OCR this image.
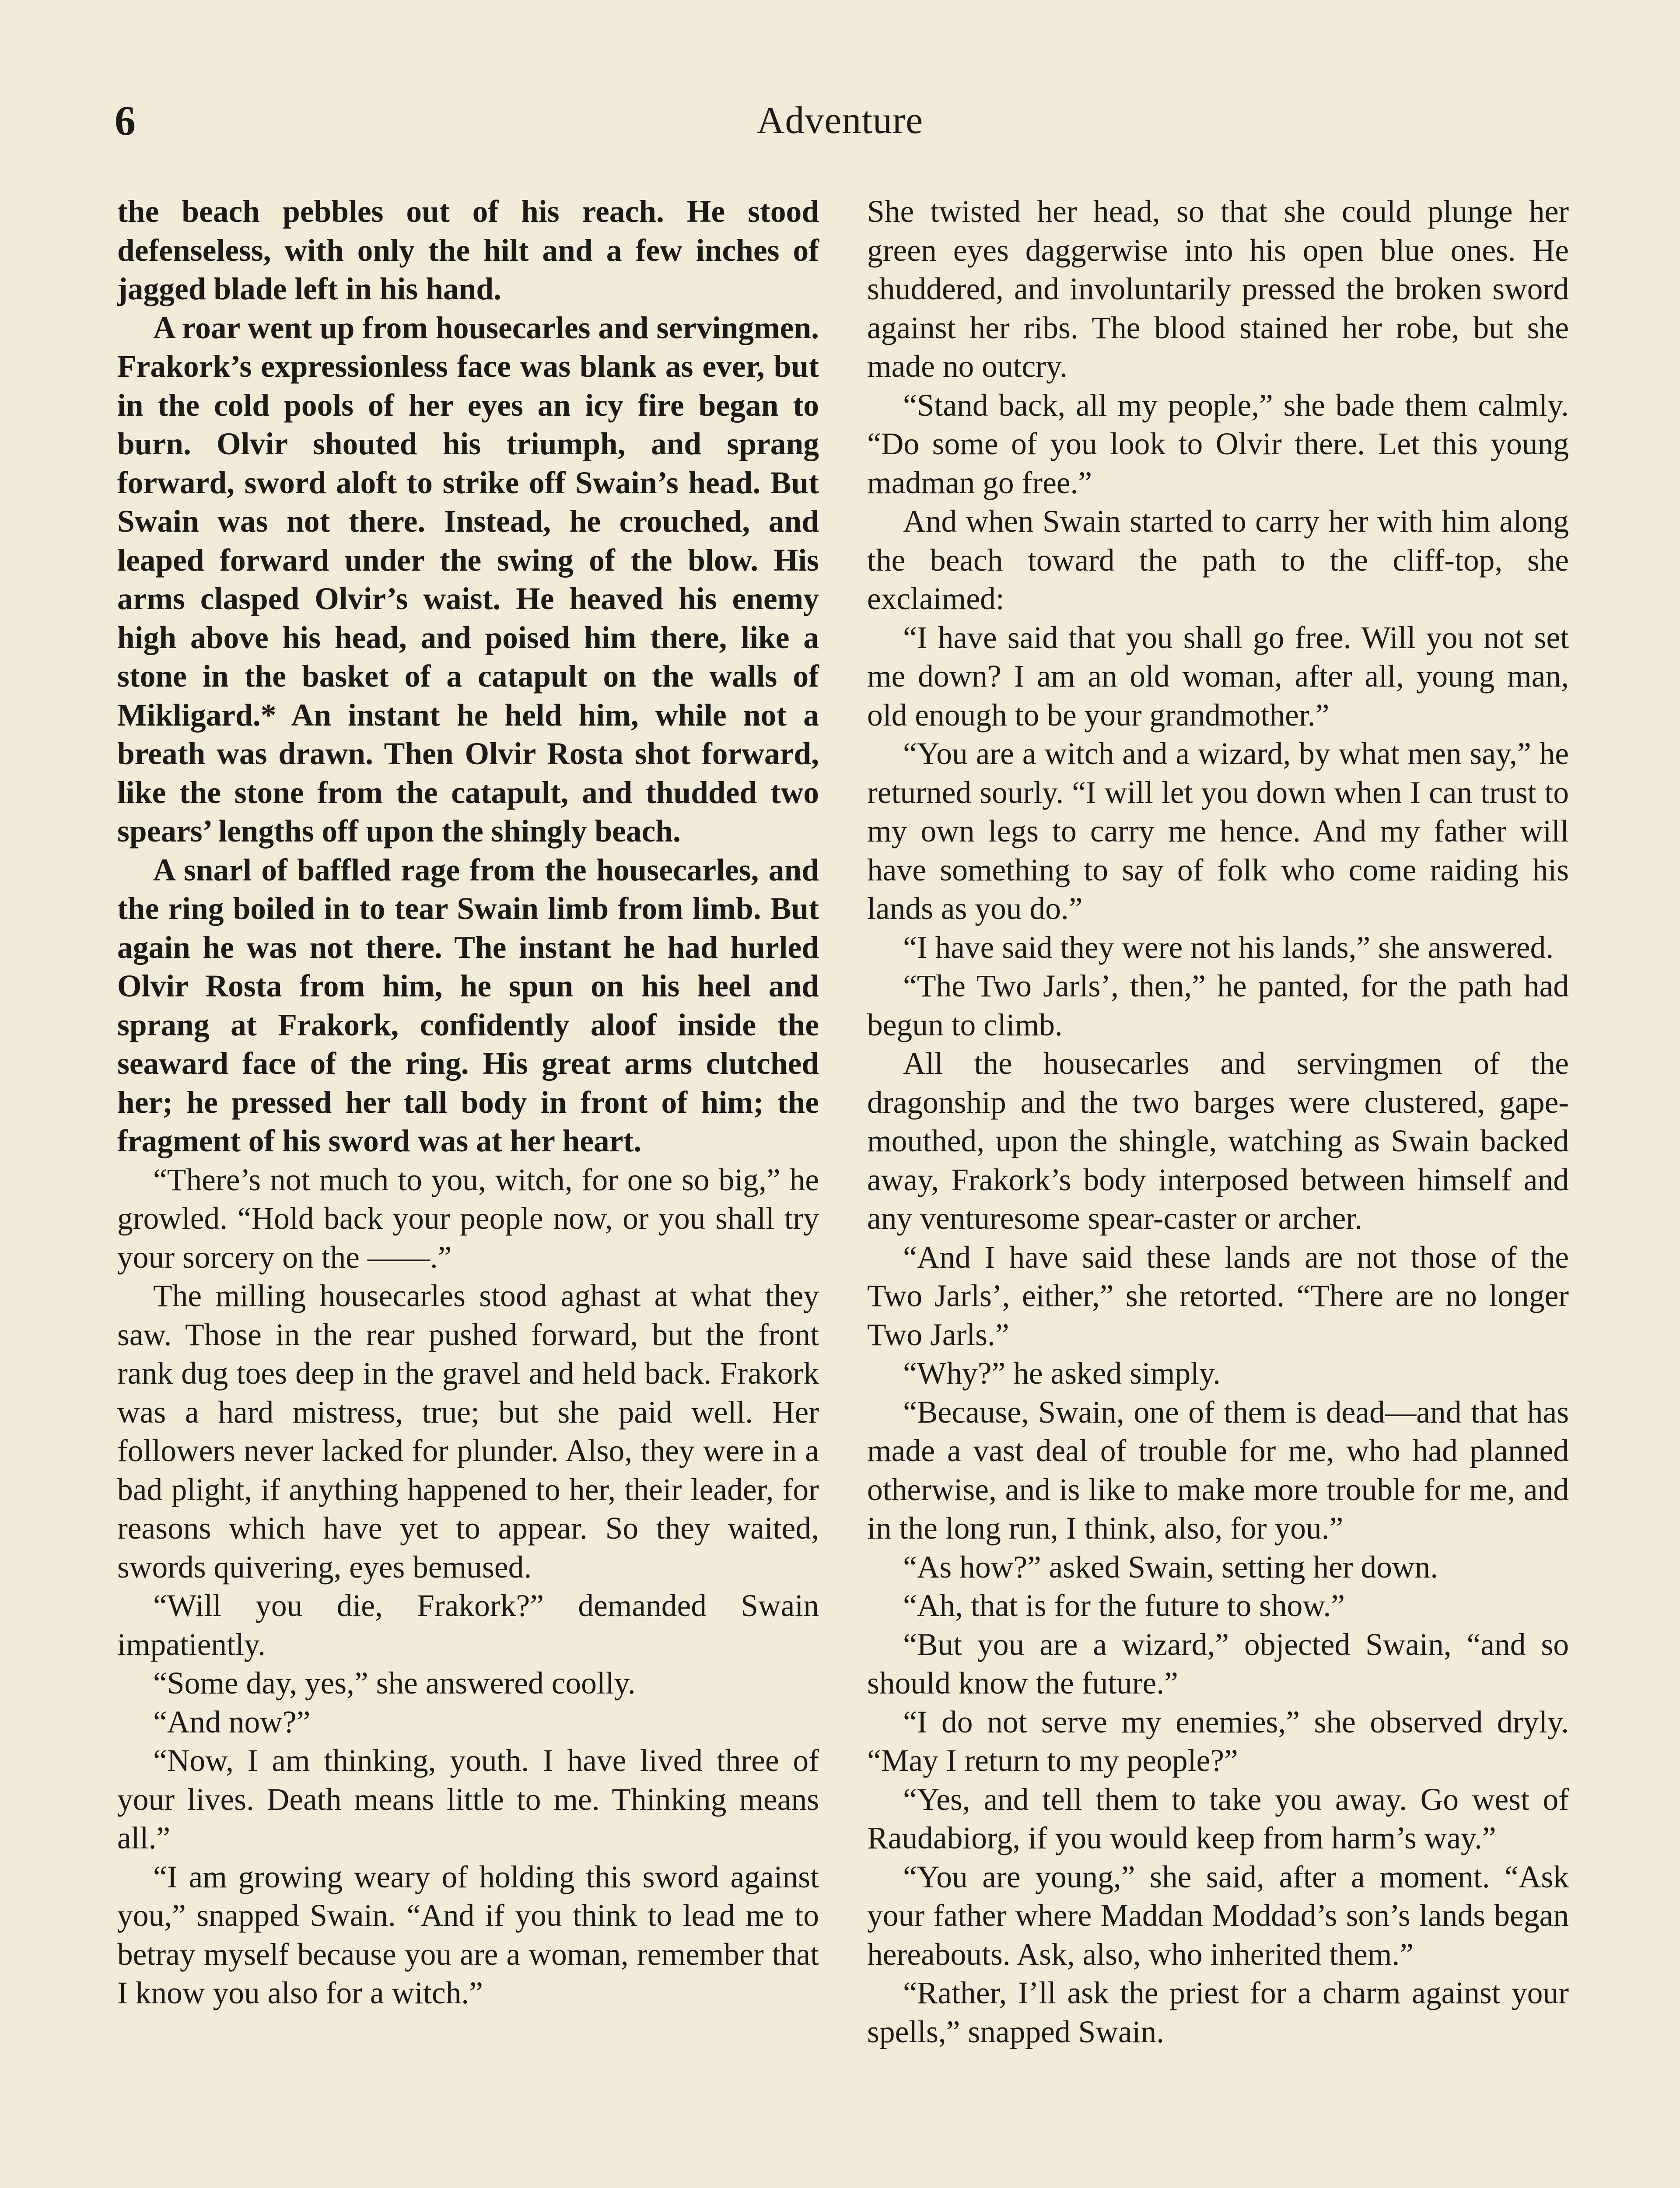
6	Adventure

the beach pebbles out of his reach. He stood defenseless, with only the hilt and a few inches of jagged blade left in his hand.

A roar went up from housecarles and servingmen. Frakork’s expressionless face was blank as ever, but in the cold pools of her eyes an icy fire began to burn. Olvir shouted his triumph, and sprang forward, sword aloft to strike off Swain’s head. But Swain was not there. Instead, he crouched, and leaped forward under the swing of the blow. His arms clasped Olvir’s waist. He heaved his enemy high above his head, and poised him there, like a stone in the basket of a catapult on the walls of Mikligard.* An instant he held him, while not a breath was drawn. Then Olvir Rosta shot forward, like the stone from the catapult, and thudded two spears’ lengths off upon the shingly beach.

A snarl of baffled rage from the housecarles, and the ring boiled in to tear Swain limb from limb. But again he was not there. The instant he had hurled Olvir Rosta from him, he spun on his heel and sprang at Frakork, confidently aloof inside the seaward face of the ring. His great arms clutched her; he pressed her tall body in front of him; the fragment of his sword was at her heart.

“There’s not much to you, witch, for one so big,” he growled. “Hold back your people now, or you shall try your sorcery on the ——.”

The milling housecarles stood aghast at what they saw. Those in the rear pushed forward, but the front rank dug toes deep in the gravel and held back. Frakork was a hard mistress, true; but she paid well. Her followers never lacked for plunder. Also, they were in a bad plight, if anything happened to her, their leader, for reasons which have yet to appear. So they waited, swords quivering, eyes bemused.

“Will you die, Frakork?” demanded Swain impatiently.

“Some day, yes,” she answered coolly.

“And now?”

“Now, I am thinking, youth. I have lived three of your lives. Death means little to me. Thinking means all.”

“I am growing weary of holding this sword against you,” snapped Swain. “And if you think to lead me to betray myself because you are a woman, remember that I know you also for a witch.”

She twisted her head, so that she could plunge her green eyes daggerwise into his open blue ones. He shuddered, and involuntarily pressed the broken sword against her ribs. The blood stained her robe, but she made no outcry.

“Stand back, all my people,” she bade them calmly. “Do some of you look to Olvir there. Let this young madman go free.”

And when Swain started to carry her with him along the beach toward the path to the cliff-top, she exclaimed:

“I have said that you shall go free. Will you not set me down? I am an old woman, after all, young man, old enough to be your grandmother.”

“You are a witch and a wizard, by what men say,” he returned sourly. “I will let you down when I can trust to my own legs to carry me hence. And my father will have something to say of folk who come raiding his lands as you do.”

“I have said they were not his lands,” she answered.

“The Two Jarls’, then,” he panted, for the path had begun to climb.

All the housecarles and servingmen of the dragonship and the two barges were clustered, gape-mouthed, upon the shingle, watching as Swain backed away, Frakork’s body interposed between himself and any venturesome spear-caster or archer.

“And I have said these lands are not those of the Two Jarls’, either,” she retorted. “There are no longer Two Jarls.”

“Why?” he asked simply.

“Because, Swain, one of them is dead—and that has made a vast deal of trouble for me, who had planned otherwise, and is like to make more trouble for me, and in the long run, I think, also, for you.”

“As how?” asked Swain, setting her down.

“Ah, that is for the future to show.”

“But you are a wizard,” objected Swain, “and so should know the future.”

“I do not serve my enemies,” she observed dryly. “May I return to my people?”

“Yes, and tell them to take you away. Go west of Raudabiorg, if you would keep from harm’s way.”

“You are young,” she said, after a moment. “Ask your father where Maddan Moddad’s son’s lands began hereabouts. Ask, also, who inherited them.”

“Rather, I’ll ask the priest for a charm against your spells,” snapped Swain.
